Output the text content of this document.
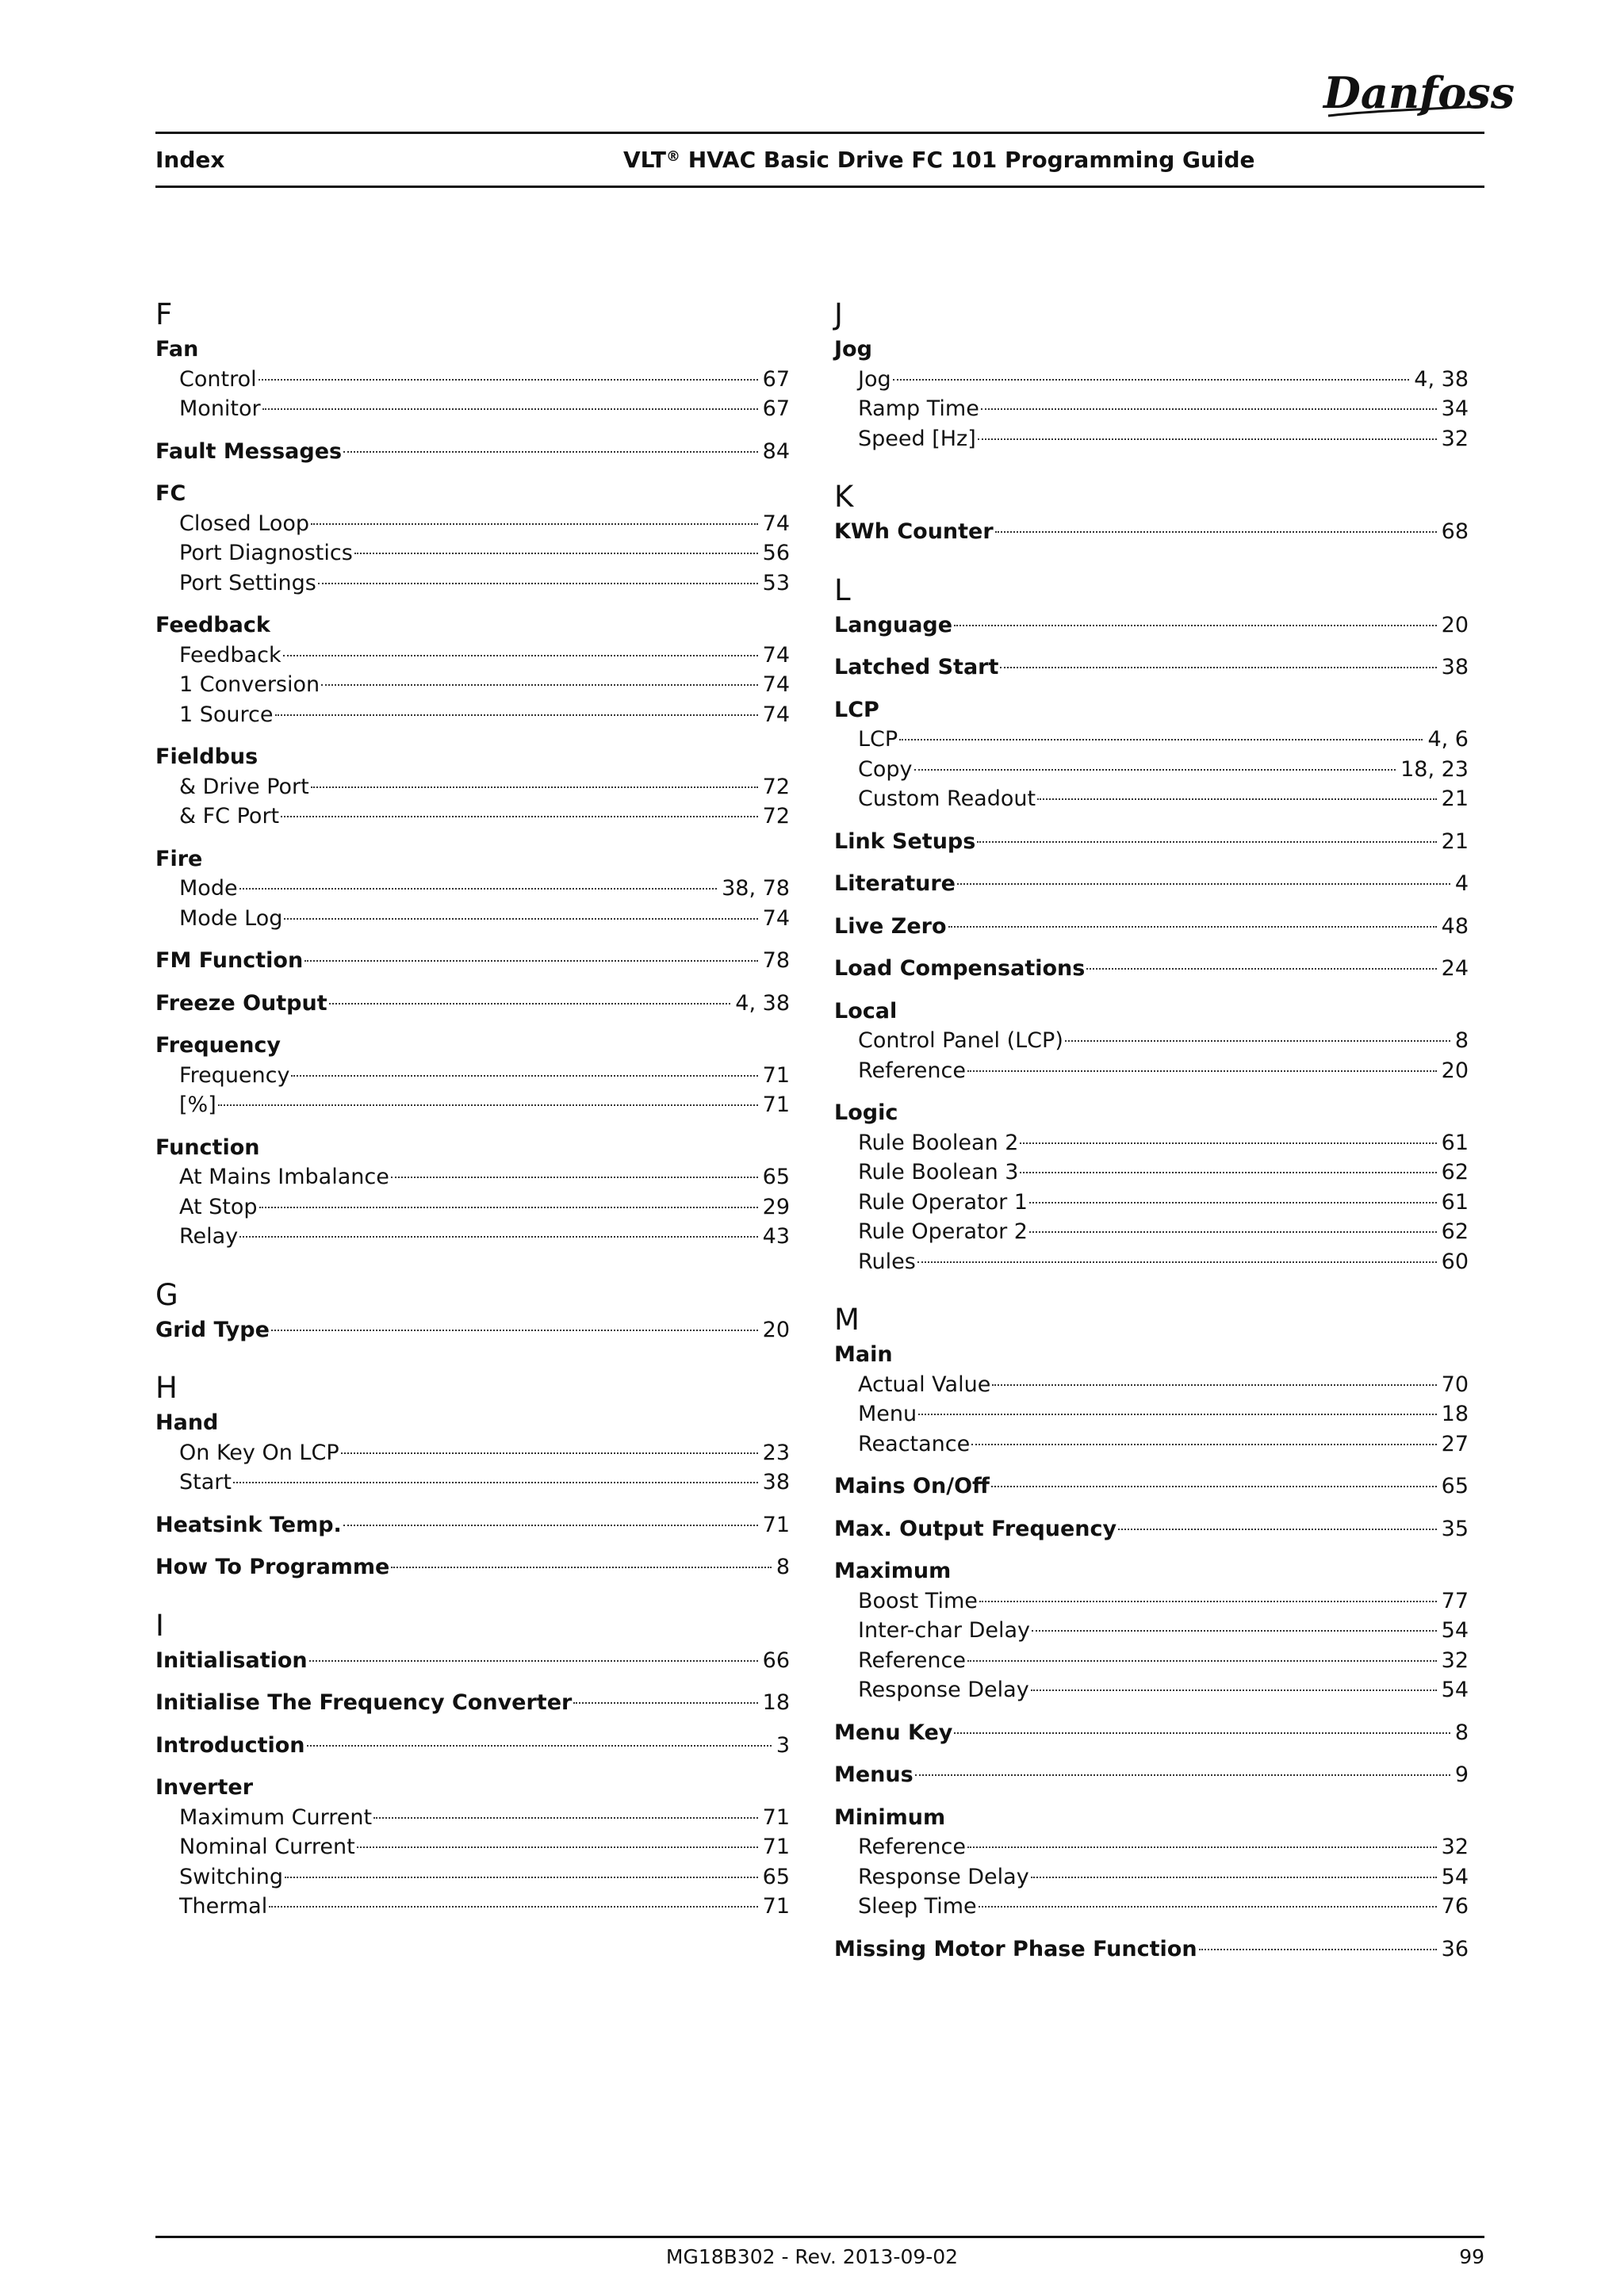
Danfoss
Index	VLT® HVAC Basic Drive FC 101 Programming Guide
F
Fan
Control	67
Monitor	67
Fault Messages	84
FC
Closed Loop	74
Port Diagnostics	56
Port Settings	53
Feedback
Feedback	74
1 Conversion	74
1 Source	74
Fieldbus
& Drive Port	72
& FC Port	72
Fire
Mode	38, 78
Mode Log	74
FM Function	78
Freeze Output	4, 38
Frequency
Frequency	71
[%]	71
Function
At Mains Imbalance	65
At Stop	29
Relay	43
G
Grid Type	20
H
Hand
On Key On LCP	23
Start	38
Heatsink Temp.	71
How To Programme	8
I
Initialisation	66
Initialise The Frequency Converter	18
Introduction	3
Inverter
Maximum Current	71
Nominal Current	71
Switching	65
Thermal	71
J
Jog
Jog	4, 38
Ramp Time	34
Speed [Hz]	32
K
KWh Counter	68
L
Language	20
Latched Start	38
LCP
LCP	4, 6
Copy	18, 23
Custom Readout	21
Link Setups	21
Literature	4
Live Zero	48
Load Compensations	24
Local
Control Panel (LCP)	8
Reference	20
Logic
Rule Boolean 2	61
Rule Boolean 3	62
Rule Operator 1	61
Rule Operator 2	62
Rules	60
M
Main
Actual Value	70
Menu	18
Reactance	27
Mains On/Off	65
Max. Output Frequency	35
Maximum
Boost Time	77
Inter-char Delay	54
Reference	32
Response Delay	54
Menu Key	8
Menus	9
Minimum
Reference	32
Response Delay	54
Sleep Time	76
Missing Motor Phase Function	36
MG18B302 - Rev. 2013-09-02	99
